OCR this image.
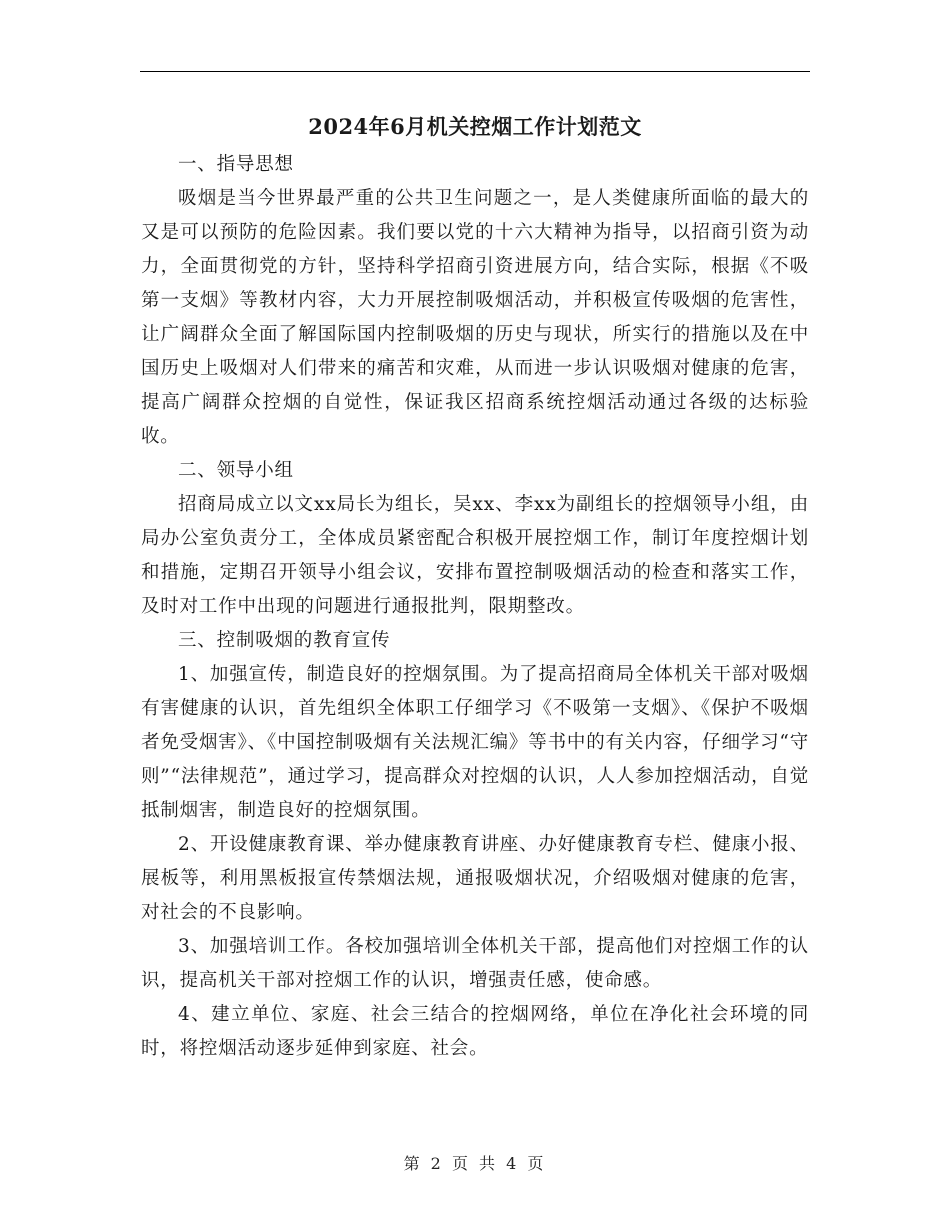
2024年6月机关控烟工作计划范文

一、指导思想

吸烟是当今世界最严重的公共卫生问题之一，是人类健康所面临的最大的又是可以预防的危险因素。我们要以党的十六大精神为指导，以招商引资为动力，全面贯彻党的方针，坚持科学招商引资进展方向，结合实际，根据《不吸第一支烟》等教材内容，大力开展控制吸烟活动，并积极宣传吸烟的危害性，让广阔群众全面了解国际国内控制吸烟的历史与现状，所实行的措施以及在中国历史上吸烟对人们带来的痛苦和灾难，从而进一步认识吸烟对健康的危害，提高广阔群众控烟的自觉性，保证我区招商系统控烟活动通过各级的达标验收。

二、领导小组

招商局成立以文xx局长为组长，吴xx、李xx为副组长的控烟领导小组，由局办公室负责分工，全体成员紧密配合积极开展控烟工作，制订年度控烟计划和措施，定期召开领导小组会议，安排布置控制吸烟活动的检查和落实工作，及时对工作中出现的问题进行通报批判，限期整改。

三、控制吸烟的教育宣传

1、加强宣传，制造良好的控烟氛围。为了提高招商局全体机关干部对吸烟有害健康的认识，首先组织全体职工仔细学习《不吸第一支烟》、《保护不吸烟者免受烟害》、《中国控制吸烟有关法规汇编》等书中的有关内容，仔细学习“守则”“法律规范”，通过学习，提高群众对控烟的认识，人人参加控烟活动，自觉抵制烟害，制造良好的控烟氛围。

2、开设健康教育课、举办健康教育讲座、办好健康教育专栏、健康小报、展板等，利用黑板报宣传禁烟法规，通报吸烟状况，介绍吸烟对健康的危害，对社会的不良影响。

3、加强培训工作。各校加强培训全体机关干部，提高他们对控烟工作的认识，提高机关干部对控烟工作的认识，增强责任感，使命感。

4、建立单位、家庭、社会三结合的控烟网络，单位在净化社会环境的同时，将控烟活动逐步延伸到家庭、社会。

第 2 页 共 4 页
